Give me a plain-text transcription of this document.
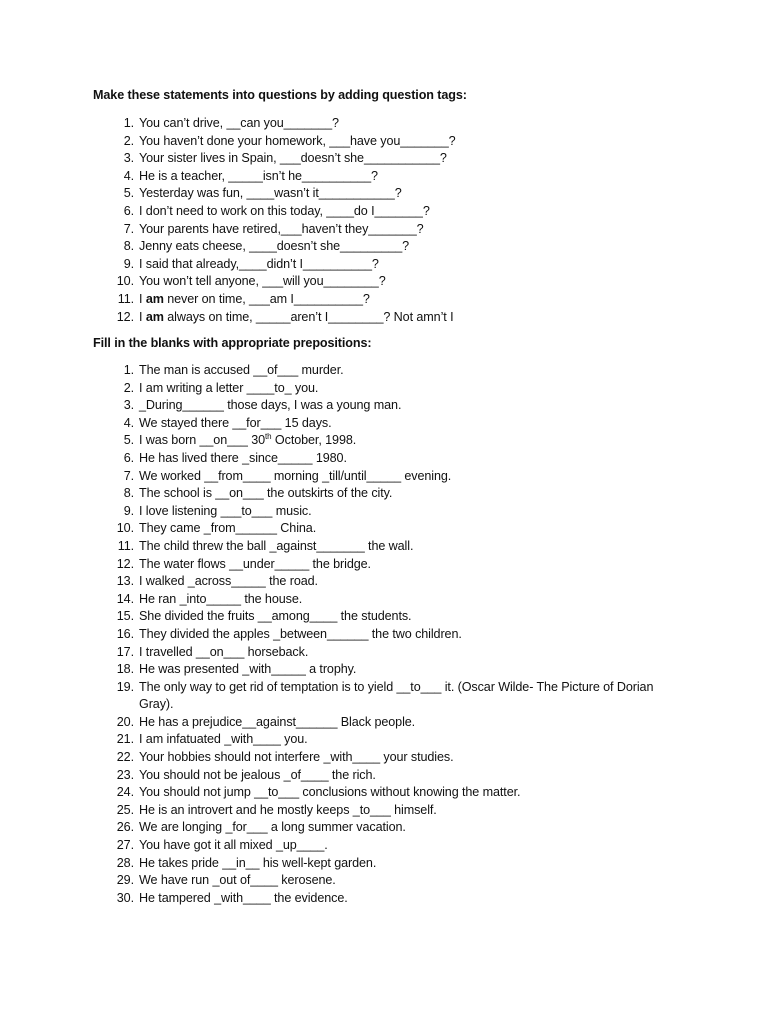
Make these statements into questions by adding question tags:
1. You can’t drive, __can you_______?
2. You haven’t done your homework, ___have you_______?
3. Your sister lives in Spain, ___doesn’t she___________?
4. He is a teacher, _____isn’t he__________?
5. Yesterday was fun, ____wasn’t it___________?
6. I don’t need to work on this today, ____do I_______?
7. Your parents have retired,___haven’t they_______?
8. Jenny eats cheese, ____doesn’t she_________?
9. I said that already,____didn’t I__________?
10. You won’t tell anyone, ___will you________?
11. I am never on time, ___am I__________?
12. I am always on time, _____aren’t I________? Not amn’t I
Fill in the blanks with appropriate prepositions:
1. The man is accused __of___ murder.
2. I am writing a letter ____to_ you.
3. _During______ those days, I was a young man.
4. We stayed there __for___ 15 days.
5. I was born __on___ 30th October, 1998.
6. He has lived there _since_____ 1980.
7. We worked __from____ morning _till/until_____ evening.
8. The school is __on___ the outskirts of the city.
9. I love listening ___to___ music.
10. They came _from______ China.
11. The child threw the ball _against_______ the wall.
12. The water flows __under_____ the bridge.
13. I walked _across_____ the road.
14. He ran _into_____ the house.
15. She divided the fruits __among____ the students.
16. They divided the apples _between______ the two children.
17. I travelled __on___ horseback.
18. He was presented _with_____ a trophy.
19. The only way to get rid of temptation is to yield __to___ it. (Oscar Wilde- The Picture of Dorian Gray).
20. He has a prejudice__against______ Black people.
21. I am infatuated _with____ you.
22. Your hobbies should not interfere _with____ your studies.
23. You should not be jealous _of____ the rich.
24. You should not jump __to___ conclusions without knowing the matter.
25. He is an introvert and he mostly keeps _to___ himself.
26. We are longing _for___ a long summer vacation.
27. You have got it all mixed _up____.
28. He takes pride __in__ his well-kept garden.
29. We have run _out of____ kerosene.
30. He tampered _with____ the evidence.
